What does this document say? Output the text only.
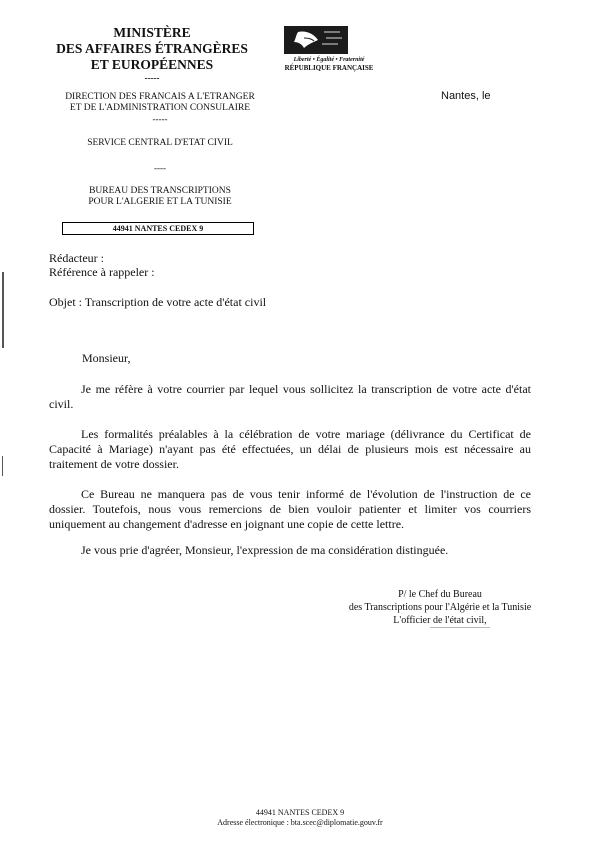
MINISTÈRE
DES AFFAIRES ÉTRANGÈRES
ET EUROPÉENNES
-----
Liberté • Égalité • Fraternité
RÉPUBLIQUE FRANÇAISE
Nantes, le
DIRECTION DES FRANCAIS A L'ETRANGER
ET DE L'ADMINISTRATION CONSULAIRE
-----
SERVICE CENTRAL D'ETAT CIVIL
----
BUREAU DES TRANSCRIPTIONS
POUR L'ALGERIE ET LA TUNISIE
44941 NANTES CEDEX 9
Rédacteur :
Référence à rappeler :
Objet : Transcription de votre acte d'état civil
Monsieur,
Je me réfère à votre courrier par lequel vous sollicitez la transcription de votre acte d'état civil.
Les formalités préalables à la célébration de votre mariage (délivrance du Certificat de Capacité à Mariage) n'ayant pas été effectuées, un délai de plusieurs mois est nécessaire au traitement de votre dossier.
Ce Bureau ne manquera pas de vous tenir informé de l'évolution de l'instruction de ce dossier. Toutefois, nous vous remercions de bien vouloir patienter et limiter vos courriers uniquement au changement d'adresse en joignant une copie de cette lettre.
Je vous prie d'agréer, Monsieur, l'expression de ma considération distinguée.
P/ le Chef du Bureau
des Transcriptions pour l'Algérie et la Tunisie
L'officier de l'état civil,
44941 NANTES CEDEX 9
Adresse électronique : bta.scec@diplomatie.gouv.fr
